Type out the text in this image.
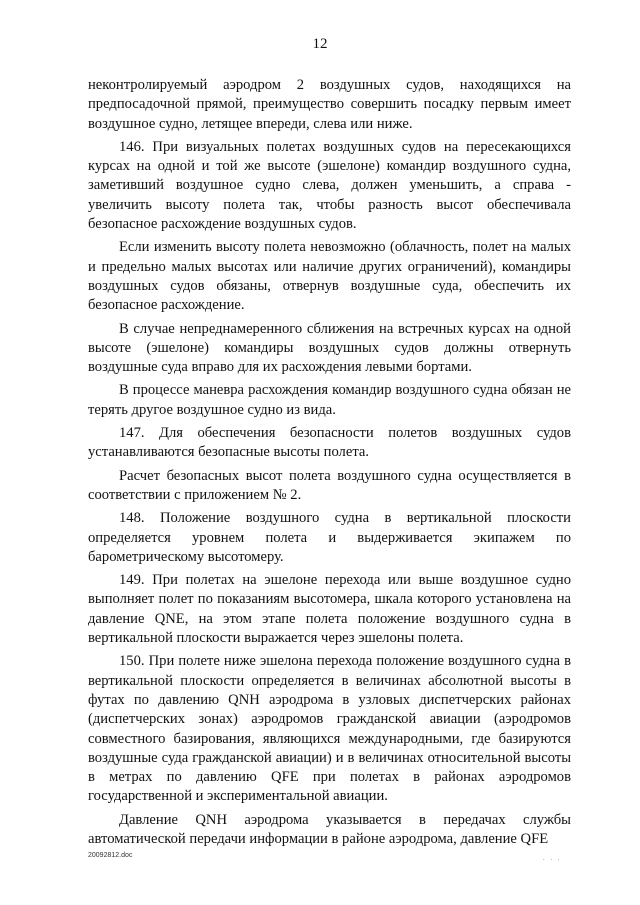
12

неконтролируемый аэродром 2 воздушных судов, находящихся на предпосадочной прямой, преимущество совершить посадку первым имеет воздушное судно, летящее впереди, слева или ниже.

146. При визуальных полетах воздушных судов на пересекающихся курсах на одной и той же высоте (эшелоне) командир воздушного судна, заметивший воздушное судно слева, должен уменьшить, а справа - увеличить высоту полета так, чтобы разность высот обеспечивала безопасное расхождение воздушных судов.

Если изменить высоту полета невозможно (облачность, полет на малых и предельно малых высотах или наличие других ограничений), командиры воздушных судов обязаны, отвернув воздушные суда, обеспечить их безопасное расхождение.

В случае непреднамеренного сближения на встречных курсах на одной высоте (эшелоне) командиры воздушных судов должны отвернуть воздушные суда вправо для их расхождения левыми бортами.

В процессе маневра расхождения командир воздушного судна обязан не терять другое воздушное судно из вида.

147. Для обеспечения безопасности полетов воздушных судов устанавливаются безопасные высоты полета.

Расчет безопасных высот полета воздушного судна осуществляется в соответствии с приложением № 2.

148. Положение воздушного судна в вертикальной плоскости определяется уровнем полета и выдерживается экипажем по барометрическому высотомеру.

149. При полетах на эшелоне перехода или выше воздушное судно выполняет полет по показаниям высотомера, шкала которого установлена на давление QNE, на этом этапе полета положение воздушного судна в вертикальной плоскости выражается через эшелоны полета.

150. При полете ниже эшелона перехода положение воздушного судна в вертикальной плоскости определяется в величинах абсолютной высоты в футах по давлению QNH аэродрома в узловых диспетчерских районах (диспетчерских зонах) аэродромов гражданской авиации (аэродромов совместного базирования, являющихся международными, где базируются воздушные суда гражданской авиации) и в величинах относительной высоты в метрах по давлению QFE при полетах в районах аэродромов государственной и экспериментальной авиации.

Давление QNH аэродрома указывается в передачах службы автоматической передачи информации в районе аэродрома, давление QFE

20092812.doc	. . .
